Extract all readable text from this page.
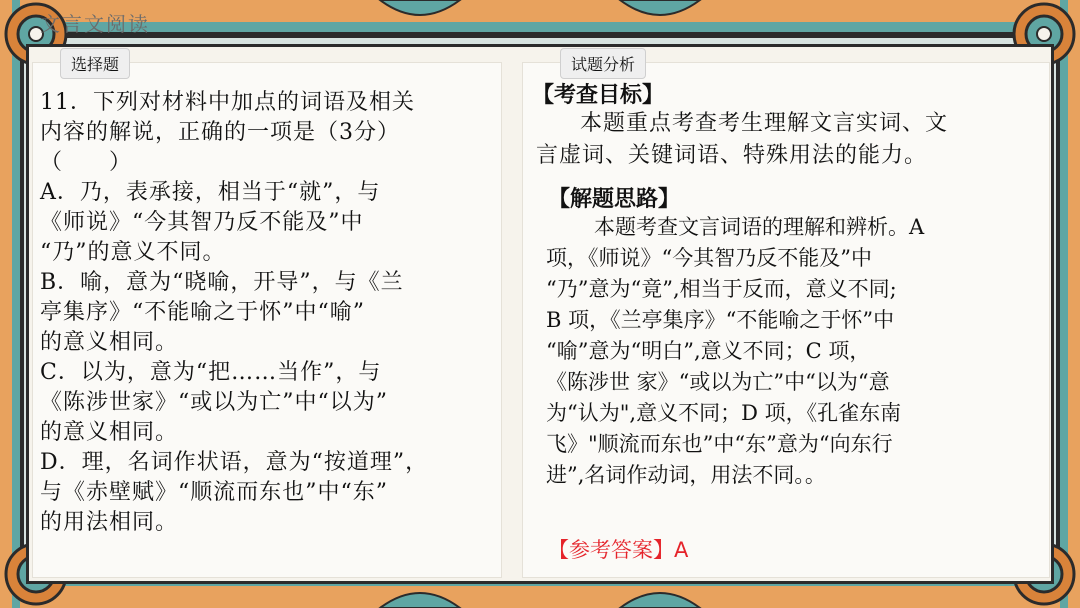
文言文阅读
选择题
11．下列对材料中加点的词语及相关
内容的解说，正确的一项是（3分）
（　　）
A．乃，表承接，相当于“就”，与
《师说》“今其智乃反不能及”中
“乃”的意义不同。
B．喻，意为“晓喻，开导”，与《兰
亭集序》“不能喻之于怀”中“喻”
的意义相同。
C．以为，意为“把……当作”，与
《陈涉世家》“或以为亡”中“以为”
的意义相同。
D．理，名词作状语，意为“按道理”，
与《赤壁赋》“顺流而东也”中“东”
的用法相同。
试题分析
【考查目标】
本题重点考查考生理解文言实词、文
言虚词、关键词语、特殊用法的能力。
【解题思路】
本题考查文言词语的理解和辨析。A
项，《师说》“今其智乃反不能及”中
“乃”意为“竟”,相当于反而，意义不同;
B 项，《兰亭集序》“不能喻之于怀”中
“喻”意为“明白”,意义不同；C 项，
《陈涉世 家》“或以为亡”中“以为“意
为“认为",意义不同；D 项，《孔雀东南
飞》"顺流而东也”中“东”意为“向东行
进”,名词作动词，用法不同。。
【参考答案】A
